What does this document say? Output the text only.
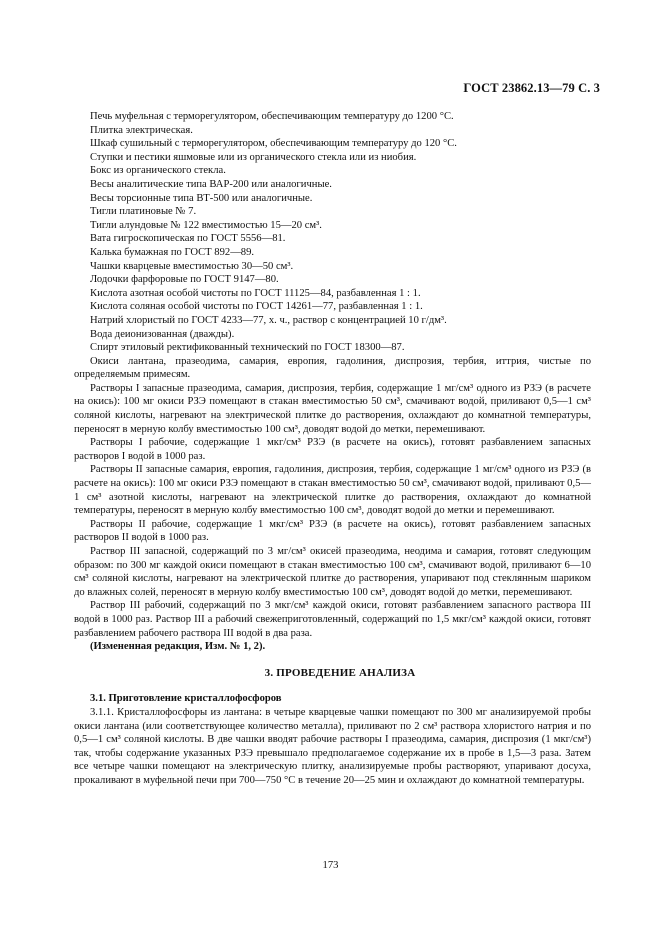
ГОСТ 23862.13—79 С. 3

Печь муфельная с терморегулятором, обеспечивающим температуру до 1200 °С.

Плитка электрическая.

Шкаф сушильный с терморегулятором, обеспечивающим температуру до 120 °С.

Ступки и пестики яшмовые или из органического стекла или из ниобия.

Бокс из органического стекла.

Весы аналитические типа ВАР-200 или аналогичные.

Весы торсионные типа ВТ-500 или аналогичные.

Тигли платиновые № 7.

Тигли алундовые № 122 вместимостью 15—20 см³.

Вата гигроскопическая по ГОСТ 5556—81.

Калька бумажная по ГОСТ 892—89.

Чашки кварцевые вместимостью 30—50 см³.

Лодочки фарфоровые по ГОСТ 9147—80.

Кислота азотная особой чистоты по ГОСТ 11125—84, разбавленная 1 : 1.

Кислота соляная особой чистоты по ГОСТ 14261—77, разбавленная 1 : 1.

Натрий хлористый по ГОСТ 4233—77, х. ч., раствор с концентрацией 10 г/дм³.

Вода деионизованная (дважды).

Спирт этиловый ректификованный технический по ГОСТ 18300—87.

Окиси лантана, празеодима, самария, европия, гадолиния, диспрозия, тербия, иттрия, чистые по определяемым примесям.

Растворы I запасные празеодима, самария, диспрозия, тербия, содержащие 1 мг/см³ одного из РЗЭ (в расчете на окись): 100 мг окиси РЗЭ помещают в стакан вместимостью 50 см³, смачивают водой, приливают 0,5—1 см³ соляной кислоты, нагревают на электрической плитке до растворения, охлаждают до комнатной температуры, переносят в мерную колбу вместимостью 100 см³, доводят водой до метки, перемешивают.

Растворы I рабочие, содержащие 1 мкг/см³ РЗЭ (в расчете на окись), готовят разбавлением запасных растворов I водой в 1000 раз.

Растворы II запасные самария, европия, гадолиния, диспрозия, тербия, содержащие 1 мг/см³ одного из РЗЭ (в расчете на окись): 100 мг окиси РЗЭ помещают в стакан вместимостью 50 см³, смачивают водой, приливают 0,5—1 см³ азотной кислоты, нагревают на электрической плитке до растворения, охлаждают до комнатной температуры, переносят в мерную колбу вместимостью 100 см³, доводят водой до метки и перемешивают.

Растворы II рабочие, содержащие 1 мкг/см³ РЗЭ (в расчете на окись), готовят разбавлением запасных растворов II водой в 1000 раз.

Раствор III запасной, содержащий по 3 мг/см³ окисей празеодима, неодима и самария, готовят следующим образом: по 300 мг каждой окиси помещают в стакан вместимостью 100 см³, смачивают водой, приливают 6—10 см³ соляной кислоты, нагревают на электрической плитке до растворения, упаривают под стеклянным шариком до влажных солей, переносят в мерную колбу вместимостью 100 см³, доводят водой до метки, перемешивают.

Раствор III рабочий, содержащий по 3 мкг/см³ каждой окиси, готовят разбавлением запасного раствора III водой в 1000 раз. Раствор III а рабочий свежеприготовленный, содержащий по 1,5 мкг/см³ каждой окиси, готовят разбавлением рабочего раствора III водой в два раза.

(Измененная редакция, Изм. № 1, 2).

3. ПРОВЕДЕНИЕ АНАЛИЗА

3.1. Приготовление кристаллофосфоров

3.1.1. Кристаллофосфоры из лантана: в четыре кварцевые чашки помещают по 300 мг анализируемой пробы окиси лантана (или соответствующее количество металла), приливают по 2 см³ раствора хлористого натрия и по 0,5—1 см³ соляной кислоты. В две чашки вводят рабочие растворы I празеодима, самария, диспрозия (1 мкг/см³) так, чтобы содержание указанных РЗЭ превышало предполагаемое содержание их в пробе в 1,5—3 раза. Затем все четыре чашки помещают на электрическую плитку, анализируемые пробы растворяют, упаривают досуха, прокаливают в муфельной печи при 700—750 °С в течение 20—25 мин и охлаждают до комнатной температуры.

173
